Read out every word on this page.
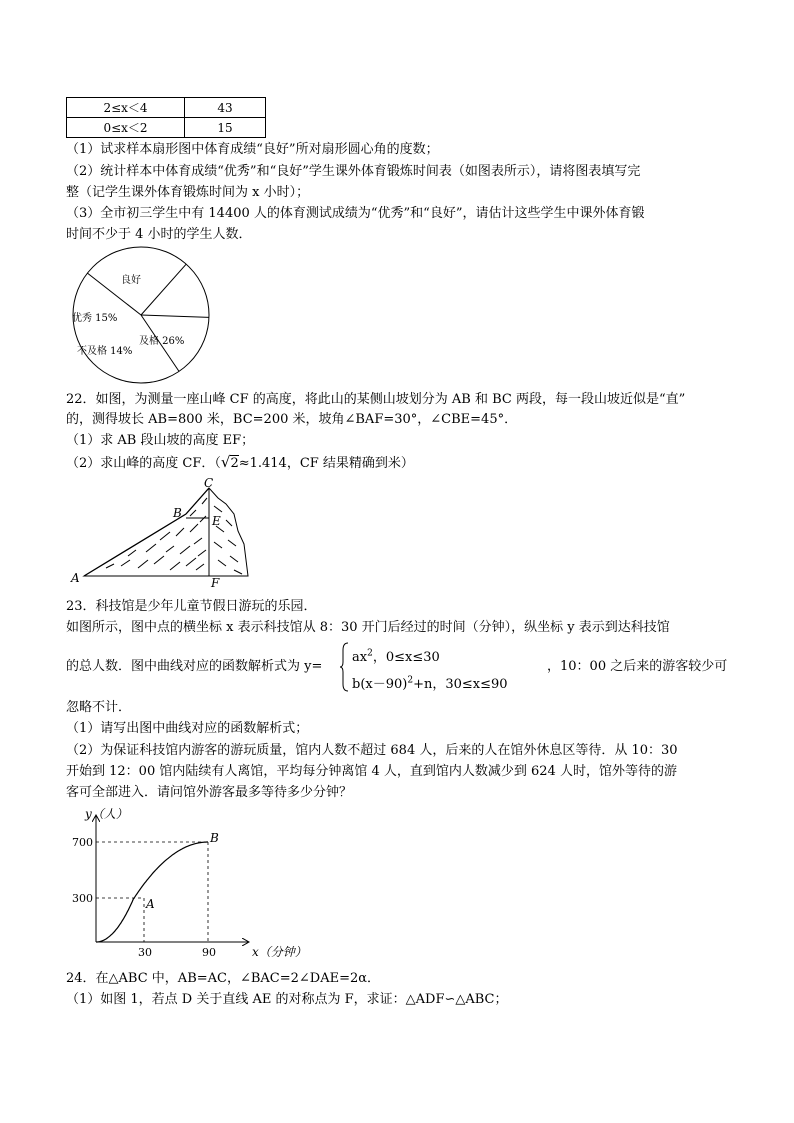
2≤x＜4	43
0≤x＜2	15
（1）试求样本扇形图中体育成绩“良好”所对扇形圆心角的度数；
（2）统计样本中体育成绩“优秀”和“良好”学生课外体育锻炼时间表（如图表所示），请将图表填写完
整（记学生课外体育锻炼时间为 x 小时）；
（3）全市初三学生中有 14400 人的体育测试成绩为“优秀”和“良好”，请估计这些学生中课外体育锻
时间不少于 4 小时的学生人数．
良好
优秀 15%
不及格 14%
及格 26%
22．如图，为测量一座山峰 CF 的高度，将此山的某侧山坡划分为 AB 和 BC 两段，每一段山坡近似是“直”
的，测得坡长 AB=800 米，BC=200 米，坡角∠BAF=30°，∠CBE=45°．
（1）求 AB 段山坡的高度 EF；
（2）求山峰的高度 CF．（√2≈1.414，CF 结果精确到米）
A
B
C
E
F
23．科技馆是少年儿童节假日游玩的乐园．
如图所示，图中点的横坐标 x 表示科技馆从 8：30 开门后经过的时间（分钟），纵坐标 y 表示到达科技馆
的总人数．图中曲线对应的函数解析式为 y=
$ax^2$，0≤x≤30
$b(x-90)^2+n$，30≤x≤90
，10：00 之后来的游客较少可
忽略不计．
（1）请写出图中曲线对应的函数解析式；
（2）为保证科技馆内游客的游玩质量，馆内人数不超过 684 人，后来的人在馆外休息区等待．从 10：30
开始到 12：00 馆内陆续有人离馆，平均每分钟离馆 4 人，直到馆内人数减少到 624 人时，馆外等待的游
客可全部进入．请问馆外游客最多等待多少分钟？
y（人）
x（分钟）
700
300
30	90
A
B
24．在△ABC 中，AB=AC，∠BAC=2∠DAE=2α．
（1）如图 1，若点 D 关于直线 AE 的对称点为 F，求证：△ADF∽△ABC；
